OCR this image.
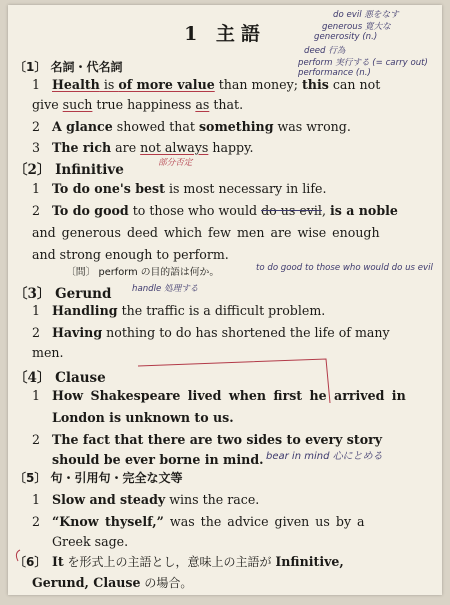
1 主語
do evil 悪をなす
generous 寛大な
generosity (n.)
deed 行為
perform 実行する (= carry out)
performance (n.)
〔1〕 名詞・代名詞
1 Health is of more value than money; this can not
give such true happiness as that.
2 A glance showed that something was wrong.
3 The rich are not always happy.
部分否定
〔2〕 Infinitive
1 To do one's best is most necessary in life.
2 To do good to those who would do us evil, is a noble
and generous deed which few men are wise enough
and strong enough to perform.
〔問〕 perform の目的語は何か。	to do good to those who would do us evil
〔3〕 Gerund handle 処理する
1 Handling the traffic is a difficult problem.
2 Having nothing to do has shortened the life of many
men.
〔4〕 Clause
1 How Shakespeare lived when first he arrived in
London is unknown to us.
2 The fact that there are two sides to every story
should be ever borne in mind. bear in mind 心にとめる
〔5〕 句・引用句・完全な文等
1 Slow and steady wins the race.
2 “Know thyself,” was the advice given us by a
Greek sage.
〔6〕 It を形式上の主語とし，意味上の主語が Infinitive,
Gerund, Clause の場合。
